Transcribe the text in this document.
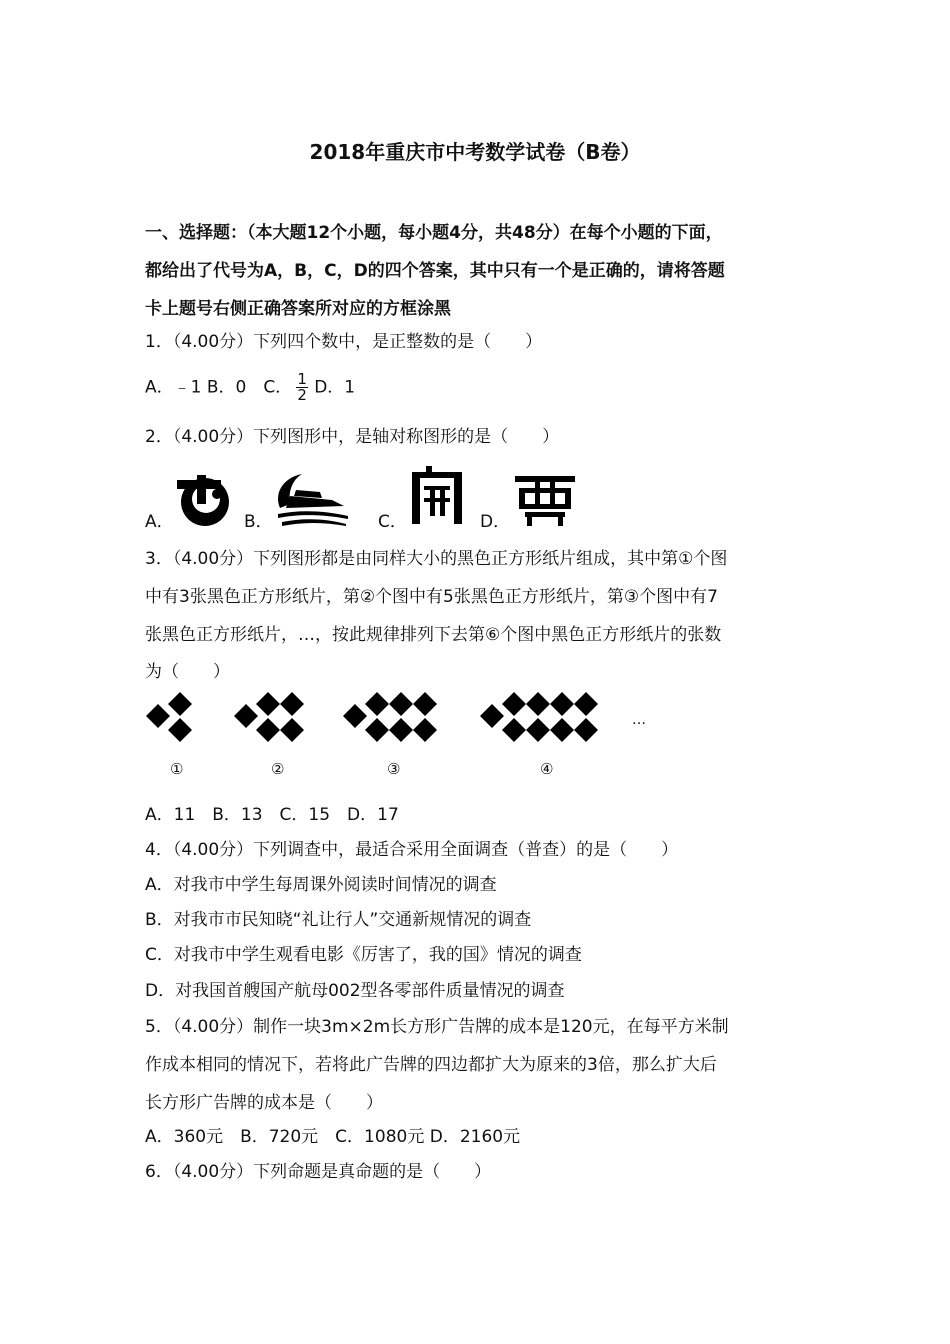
2018年重庆市中考数学试卷（B卷）
一、选择题：（本大题12个小题，每小题4分，共48分）在每个小题的下面，
都给出了代号为A，B，C，D的四个答案，其中只有一个是正确的，请将答题
卡上题号右侧正确答案所对应的方框涂黑
1．（4.00分）下列四个数中，是正整数的是（　　）
A．﹣1 B．0　C． $\frac{1}{2}$ D．1
2．（4.00分）下列图形中，是轴对称图形的是（　　）
A．	B．	C．	D．
3．（4.00分）下列图形都是由同样大小的黑色正方形纸片组成，其中第①个图
中有3张黑色正方形纸片，第②个图中有5张黑色正方形纸片，第③个图中有7
张黑色正方形纸片，…，按此规律排列下去第⑥个图中黑色正方形纸片的张数
为（　　）
…
①	②	③	④
A．11　B．13　C．15　D．17
4．（4.00分）下列调查中，最适合采用全面调查（普查）的是（　　）
A．对我市中学生每周课外阅读时间情况的调查
B．对我市市民知晓“礼让行人”交通新规情况的调查
C．对我市中学生观看电影《厉害了，我的国》情况的调查
D．对我国首艘国产航母002型各零部件质量情况的调查
5．（4.00分）制作一块3m×2m长方形广告牌的成本是120元，在每平方米制
作成本相同的情况下，若将此广告牌的四边都扩大为原来的3倍，那么扩大后
长方形广告牌的成本是（　　）
A．360元　B．720元　C．1080元 D．2160元
6．（4.00分）下列命题是真命题的是（　　）
